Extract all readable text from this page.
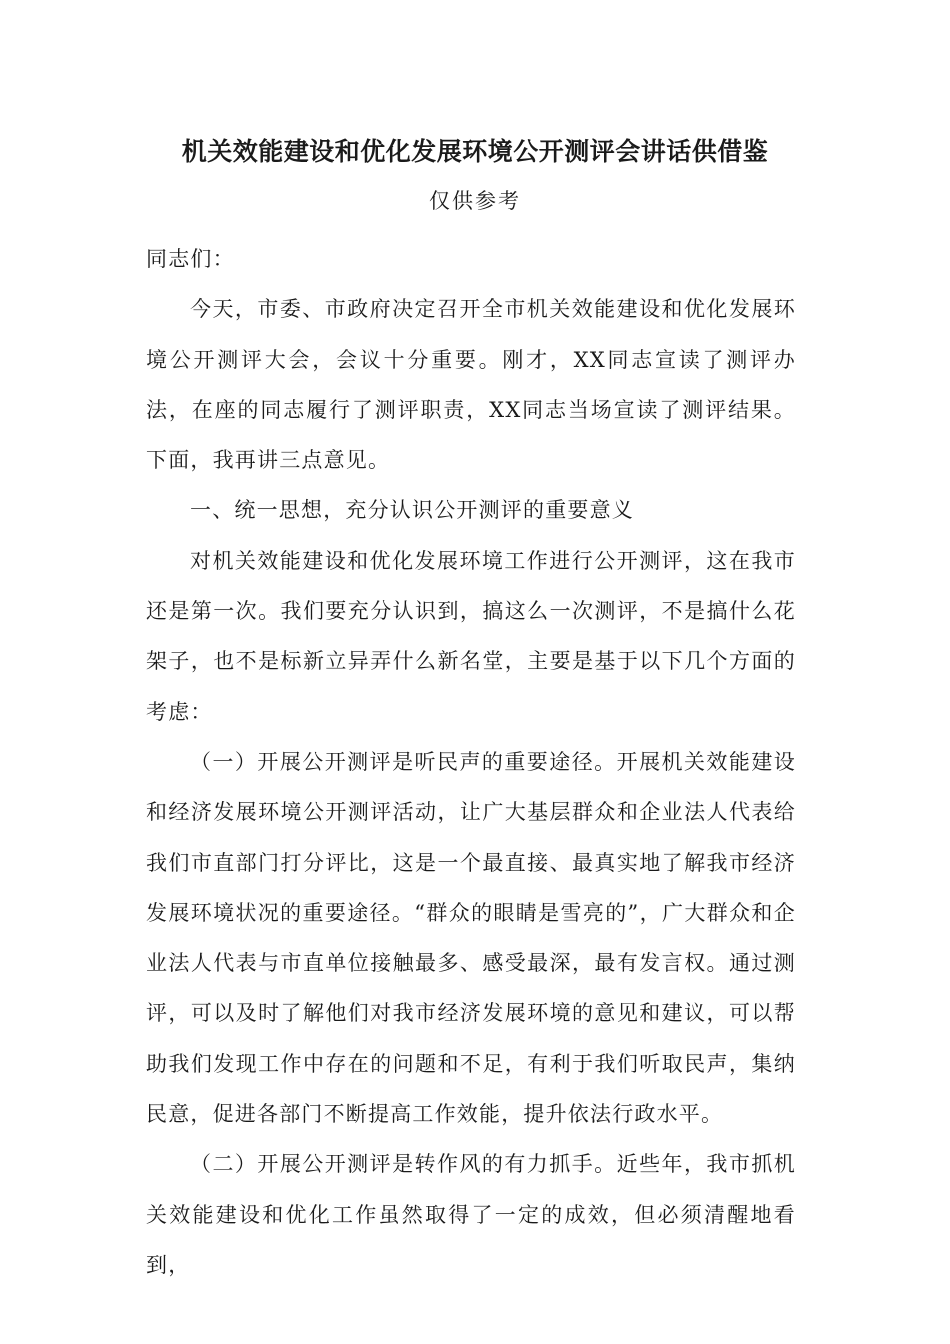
机关效能建设和优化发展环境公开测评会讲话供借鉴
仅供参考

同志们：

今天，市委、市政府决定召开全市机关效能建设和优化发展环境公开测评大会，会议十分重要。刚才，XX同志宣读了测评办法，在座的同志履行了测评职责，XX同志当场宣读了测评结果。下面，我再讲三点意见。

一、统一思想，充分认识公开测评的重要意义

对机关效能建设和优化发展环境工作进行公开测评，这在我市还是第一次。我们要充分认识到，搞这么一次测评，不是搞什么花架子，也不是标新立异弄什么新名堂，主要是基于以下几个方面的考虑：

（一）开展公开测评是听民声的重要途径。开展机关效能建设和经济发展环境公开测评活动，让广大基层群众和企业法人代表给我们市直部门打分评比，这是一个最直接、最真实地了解我市经济发展环境状况的重要途径。“群众的眼睛是雪亮的”，广大群众和企业法人代表与市直单位接触最多、感受最深，最有发言权。通过测评，可以及时了解他们对我市经济发展环境的意见和建议，可以帮助我们发现工作中存在的问题和不足，有利于我们听取民声，集纳民意，促进各部门不断提高工作效能，提升依法行政水平。

（二）开展公开测评是转作风的有力抓手。近些年，我市抓机关效能建设和优化工作虽然取得了一定的成效，但必须清醒地看到，
